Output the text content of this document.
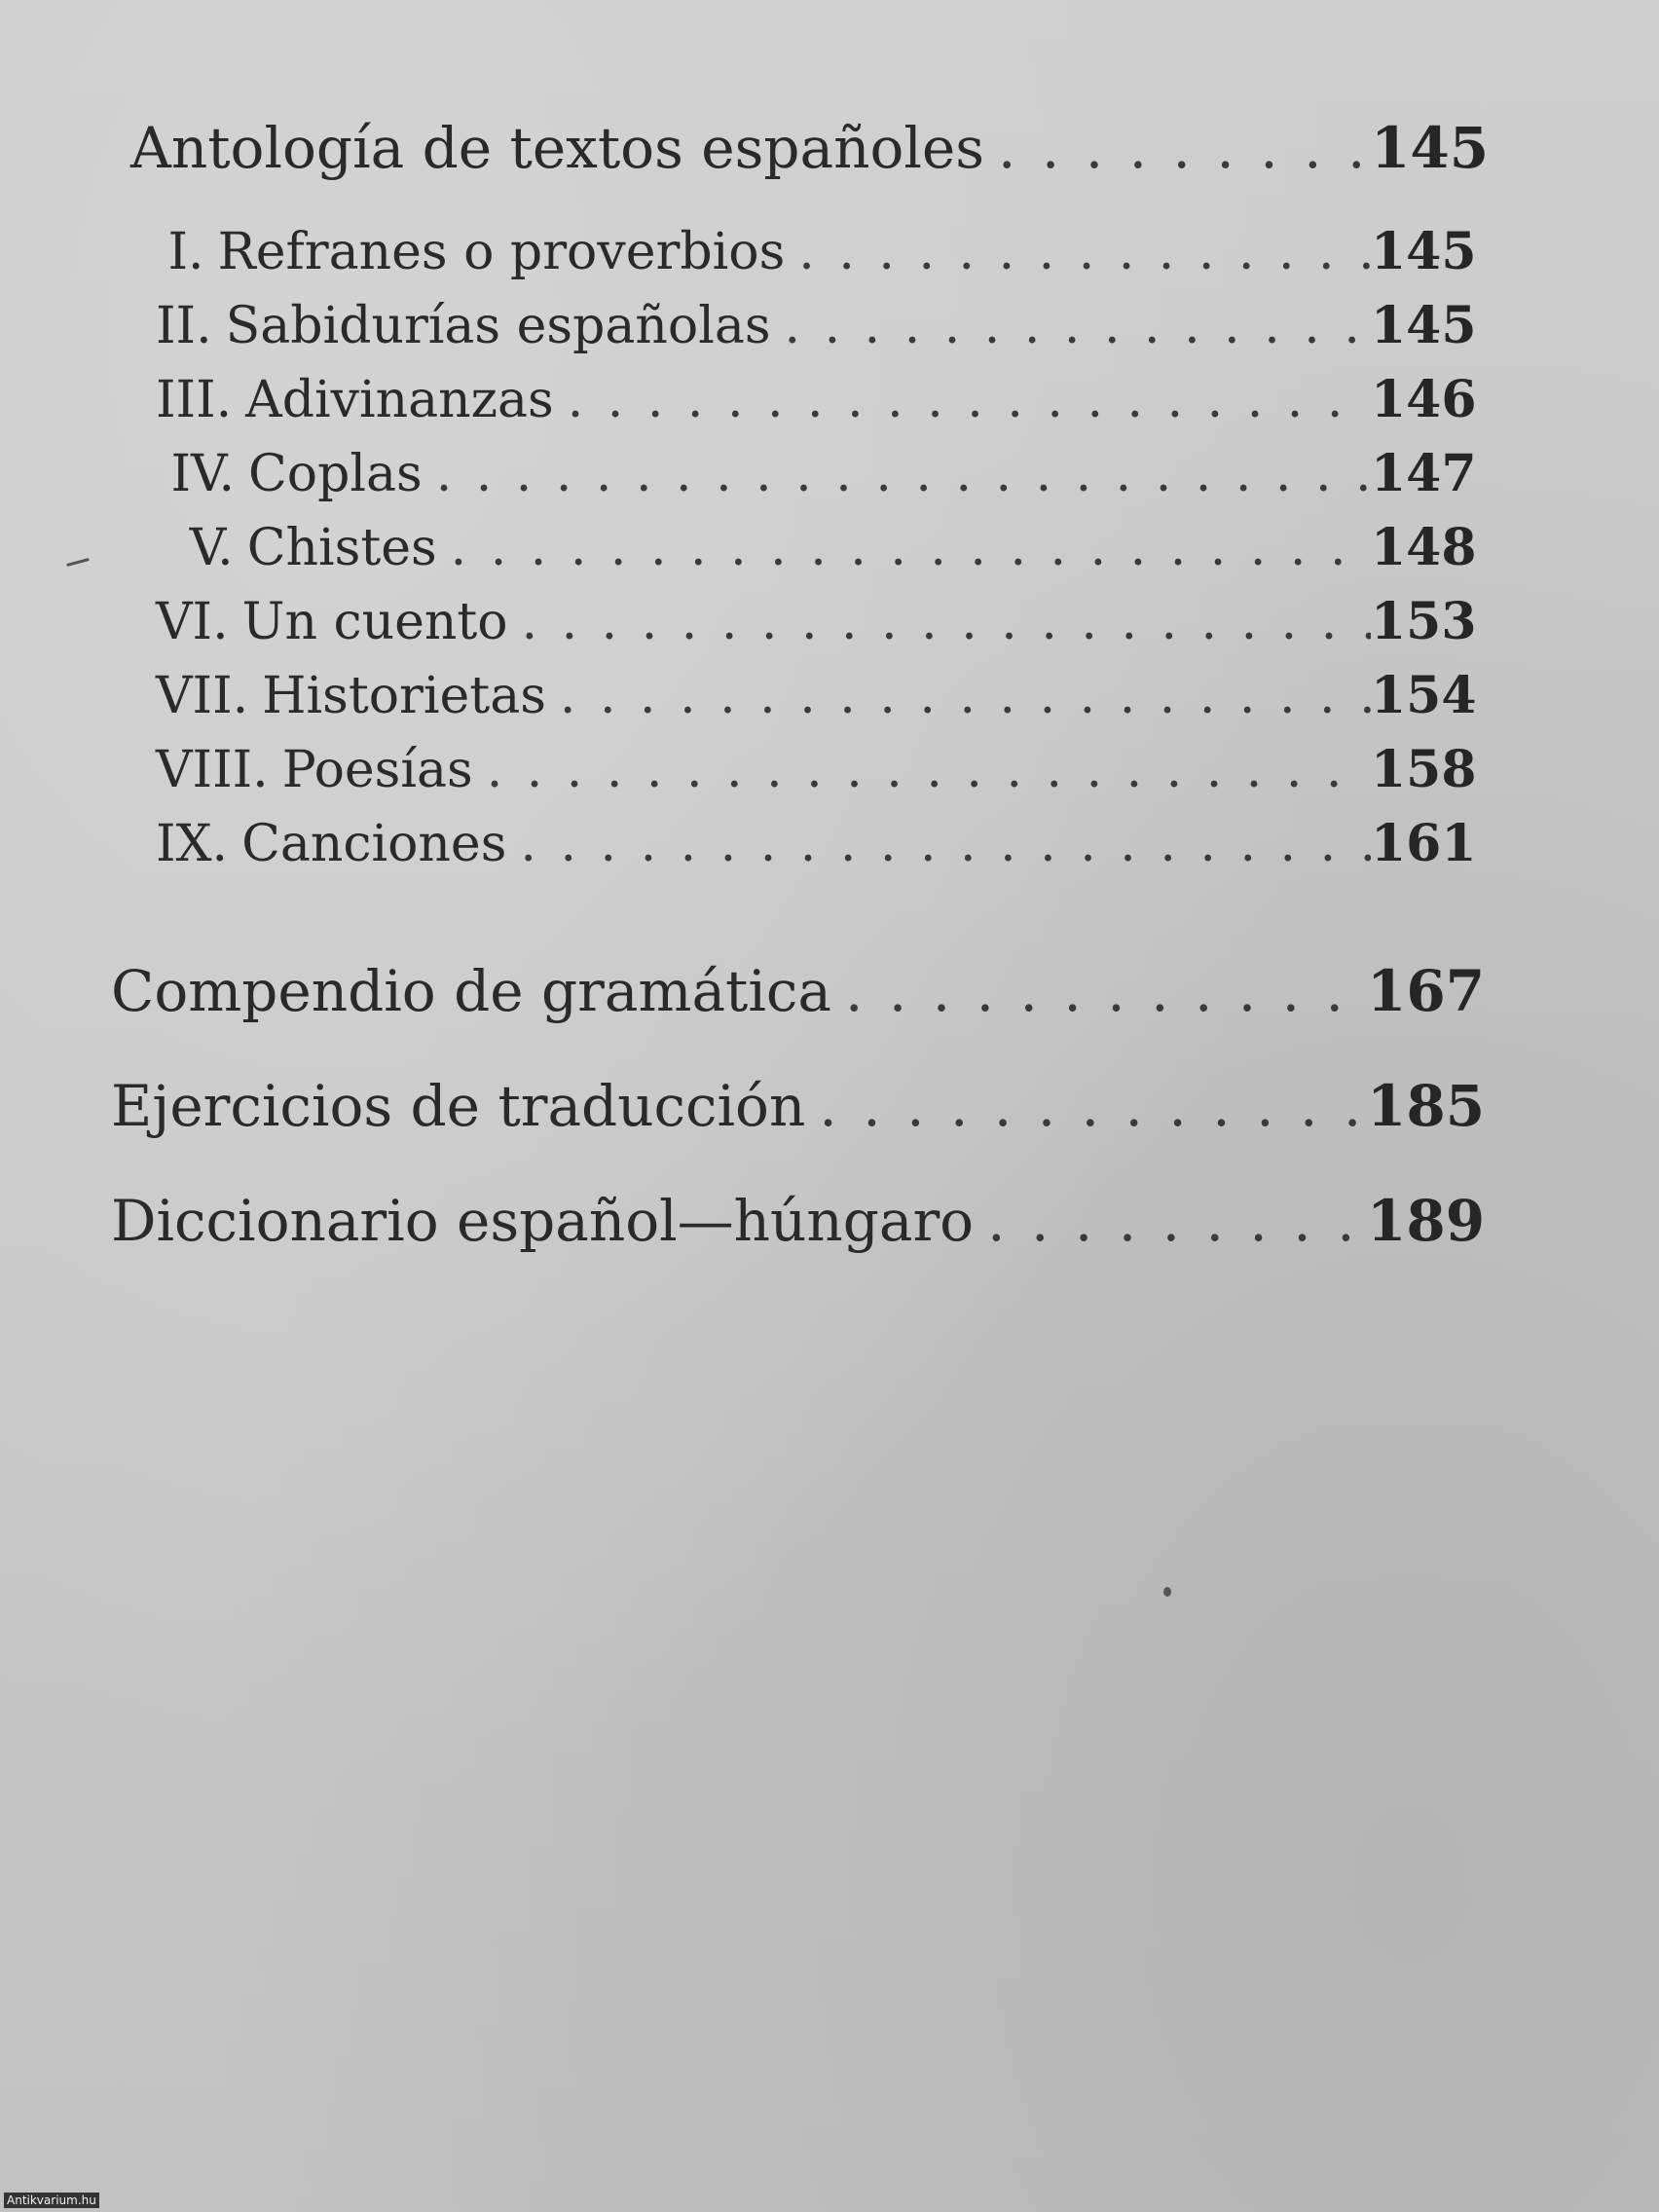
Antología de textos españoles . . .	145
I. Refranes o proverbios . . .	145
II. Sabidurías españolas . . .	145
III. Adivinanzas . . .	146
IV. Coplas . . .	147
V. Chistes . . .	148
VI. Un cuento . . .	153
VII. Historietas . . .	154
VIII. Poesías . . .	158
IX. Canciones . . .	161
Compendio de gramática . . .	167
Ejercicios de traducción . . .	185
Diccionario español—húngaro . . .	189
Antikvarium.hu
